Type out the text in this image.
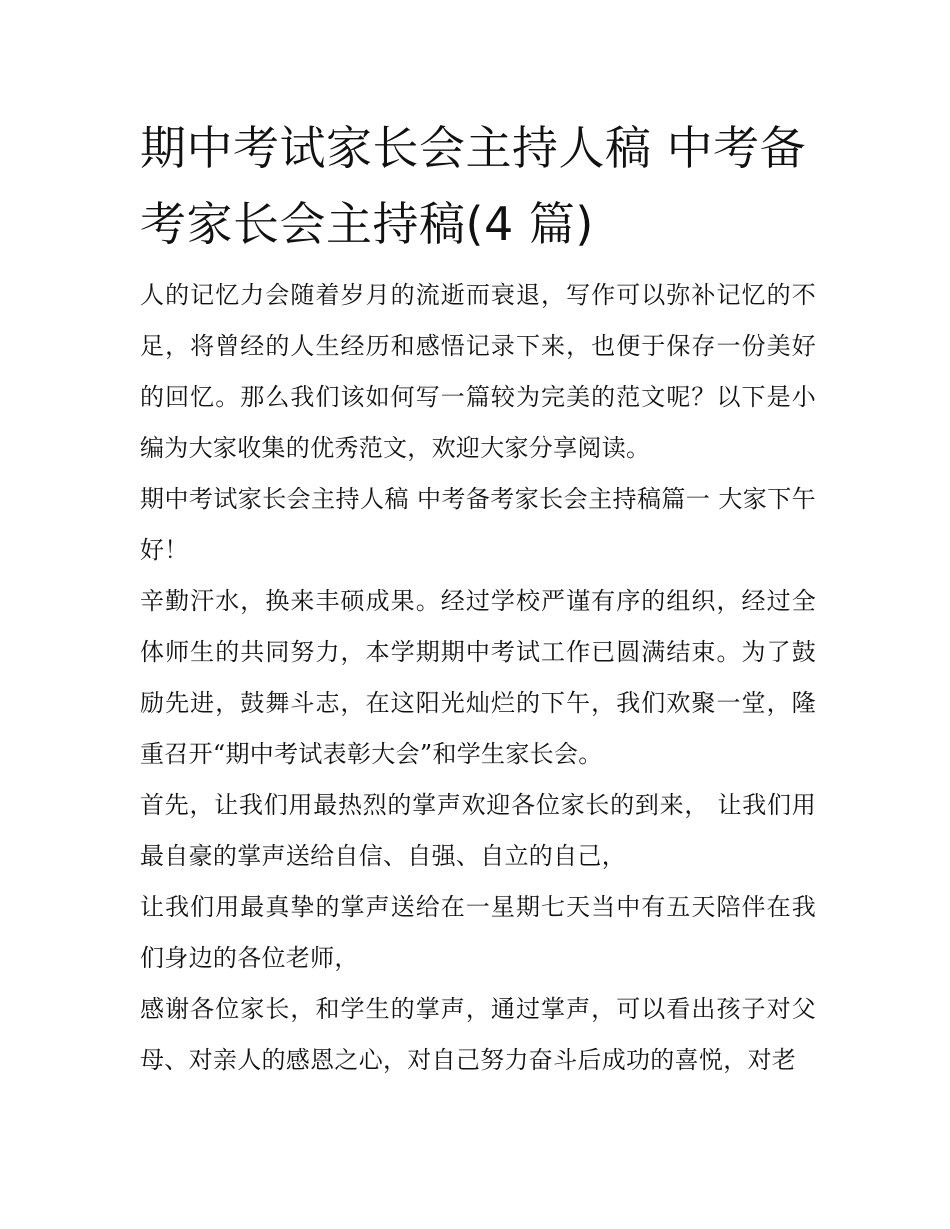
期中考试家长会主持人稿 中考备考家长会主持稿(4 篇)

人的记忆力会随着岁月的流逝而衰退，写作可以弥补记忆的不足，将曾经的人生经历和感悟记录下来，也便于保存一份美好的回忆。那么我们该如何写一篇较为完美的范文呢？以下是小编为大家收集的优秀范文，欢迎大家分享阅读。

期中考试家长会主持人稿 中考备考家长会主持稿篇一 大家下午好！

辛勤汗水，换来丰硕成果。经过学校严谨有序的组织，经过全体师生的共同努力，本学期期中考试工作已圆满结束。为了鼓励先进，鼓舞斗志，在这阳光灿烂的下午，我们欢聚一堂，隆重召开“期中考试表彰大会”和学生家长会。

首先，让我们用最热烈的掌声欢迎各位家长的到来， 让我们用最自豪的掌声送给自信、自强、自立的自己，

让我们用最真挚的掌声送给在一星期七天当中有五天陪伴在我们身边的各位老师，

感谢各位家长，和学生的掌声，通过掌声，可以看出孩子对父母、对亲人的感恩之心，对自己努力奋斗后成功的喜悦，对老
